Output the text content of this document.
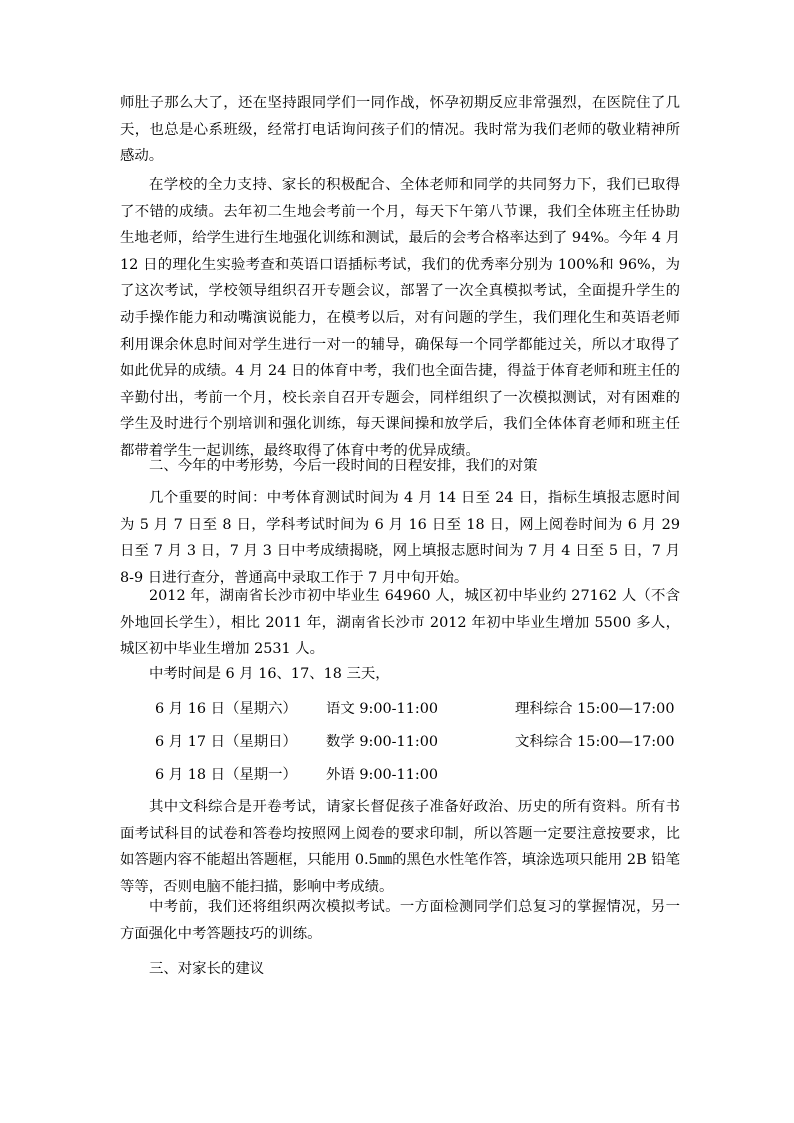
师肚子那么大了，还在坚持跟同学们一同作战，怀孕初期反应非常强烈，在医院住了几天，也总是心系班级，经常打电话询问孩子们的情况。我时常为我们老师的敬业精神所感动。

在学校的全力支持、家长的积极配合、全体老师和同学的共同努力下，我们已取得了不错的成绩。去年初二生地会考前一个月，每天下午第八节课，我们全体班主任协助生地老师，给学生进行生地强化训练和测试，最后的会考合格率达到了 94%。今年 4 月 12 日的理化生实验考查和英语口语插标考试，我们的优秀率分别为 100%和 96%，为了这次考试，学校领导组织召开专题会议，部署了一次全真模拟考试，全面提升学生的动手操作能力和动嘴演说能力，在模考以后，对有问题的学生，我们理化生和英语老师利用课余休息时间对学生进行一对一的辅导，确保每一个同学都能过关，所以才取得了如此优异的成绩。4 月 24 日的体育中考，我们也全面告捷，得益于体育老师和班主任的辛勤付出，考前一个月，校长亲自召开专题会，同样组织了一次模拟测试，对有困难的学生及时进行个别培训和强化训练，每天课间操和放学后，我们全体体育老师和班主任都带着学生一起训练，最终取得了体育中考的优异成绩。

二、今年的中考形势，今后一段时间的日程安排，我们的对策

几个重要的时间：中考体育测试时间为 4 月 14 日至 24 日，指标生填报志愿时间为 5 月 7 日至 8 日，学科考试时间为 6 月 16 日至 18 日，网上阅卷时间为 6 月 29 日至 7 月 3 日，7 月 3 日中考成绩揭晓，网上填报志愿时间为 7 月 4 日至 5 日，7 月 8-9 日进行查分，普通高中录取工作于 7 月中旬开始。

2012 年，湖南省长沙市初中毕业生 64960 人，城区初中毕业约 27162 人（不含外地回长学生），相比 2011 年，湖南省长沙市 2012 年初中毕业生增加 5500 多人，城区初中毕业生增加 2531 人。

中考时间是 6 月 16、17、18 三天，

6 月 16 日（星期六） 语文 9:00-11:00	理科综合 15:00—17:00
6 月 17 日（星期日） 数学 9:00-11:00	文科综合 15:00—17:00
6 月 18 日（星期一） 外语 9:00-11:00

其中文科综合是开卷考试，请家长督促孩子准备好政治、历史的所有资料。所有书面考试科目的试卷和答卷均按照网上阅卷的要求印制，所以答题一定要注意按要求，比如答题内容不能超出答题框，只能用 0.5㎜的黑色水性笔作答，填涂选项只能用 2B 铅笔等等，否则电脑不能扫描，影响中考成绩。

中考前，我们还将组织两次模拟考试。一方面检测同学们总复习的掌握情况，另一方面强化中考答题技巧的训练。

三、对家长的建议
